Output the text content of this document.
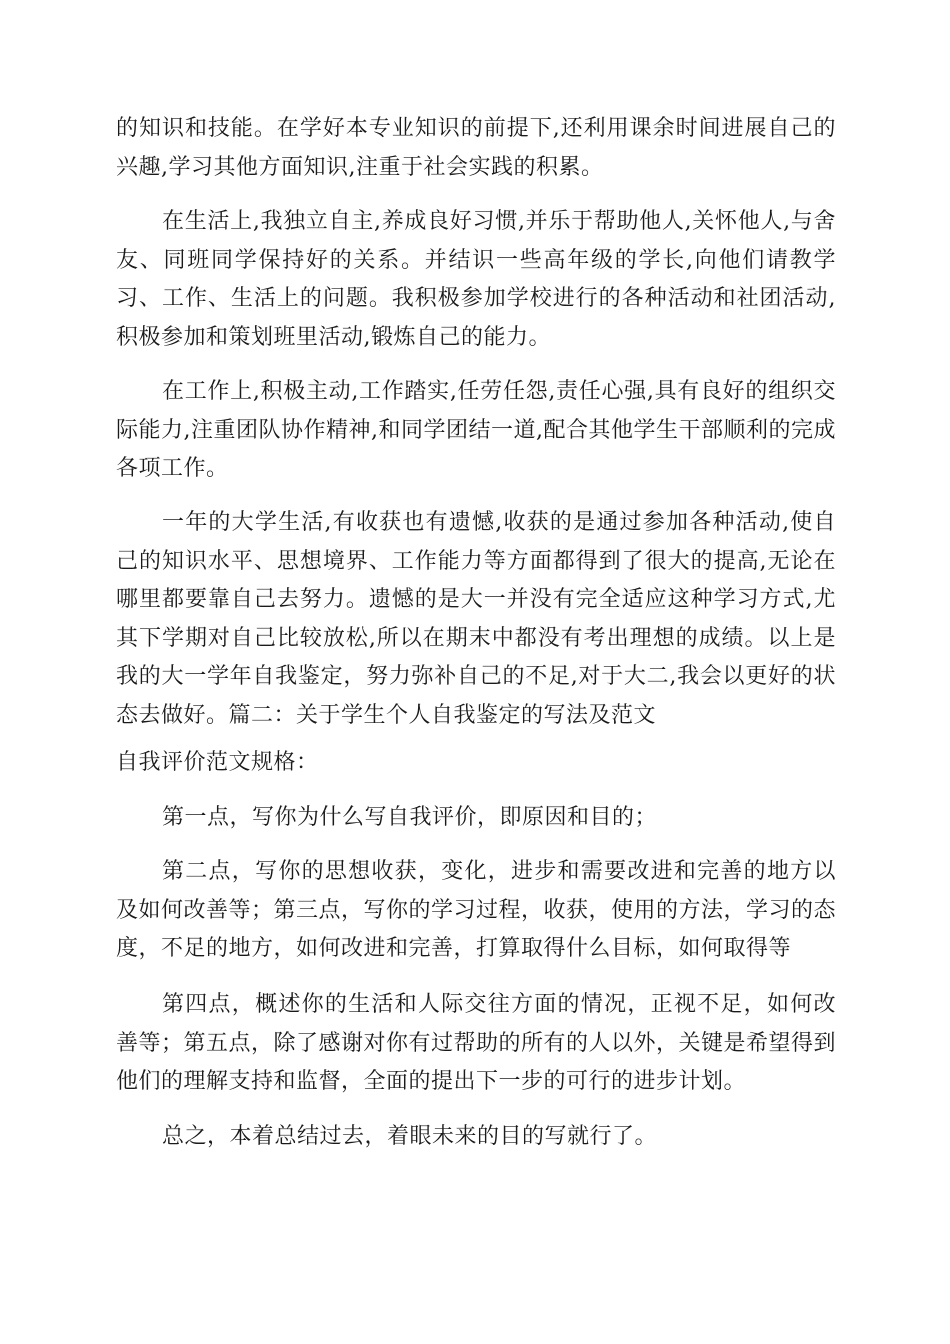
的知识和技能。在学好本专业知识的前提下,还利用课余时间进展自己的兴趣,学习其他方面知识,注重于社会实践的积累。

在生活上,我独立自主,养成良好习惯,并乐于帮助他人,关怀他人,与舍友、同班同学保持好的关系。并结识一些高年级的学长,向他们请教学习、工作、生活上的问题。我积极参加学校进行的各种活动和社团活动,积极参加和策划班里活动,锻炼自己的能力。

在工作上,积极主动,工作踏实,任劳任怨,责任心强,具有良好的组织交际能力,注重团队协作精神,和同学团结一道,配合其他学生干部顺利的完成各项工作。

一年的大学生活,有收获也有遗憾,收获的是通过参加各种活动,使自己的知识水平、思想境界、工作能力等方面都得到了很大的提高,无论在哪里都要靠自己去努力。遗憾的是大一并没有完全适应这种学习方式,尤其下学期对自己比较放松,所以在期末中都没有考出理想的成绩。以上是我的大一学年自我鉴定，努力弥补自己的不足,对于大二,我会以更好的状态去做好。篇二：关于学生个人自我鉴定的写法及范文

自我评价范文规格：

第一点，写你为什么写自我评价，即原因和目的；

第二点，写你的思想收获，变化，进步和需要改进和完善的地方以及如何改善等；第三点，写你的学习过程，收获，使用的方法，学习的态度，不足的地方，如何改进和完善，打算取得什么目标，如何取得等

第四点，概述你的生活和人际交往方面的情况，正视不足，如何改善等；第五点，除了感谢对你有过帮助的所有的人以外，关键是希望得到他们的理解支持和监督，全面的提出下一步的可行的进步计划。

总之，本着总结过去，着眼未来的目的写就行了。
